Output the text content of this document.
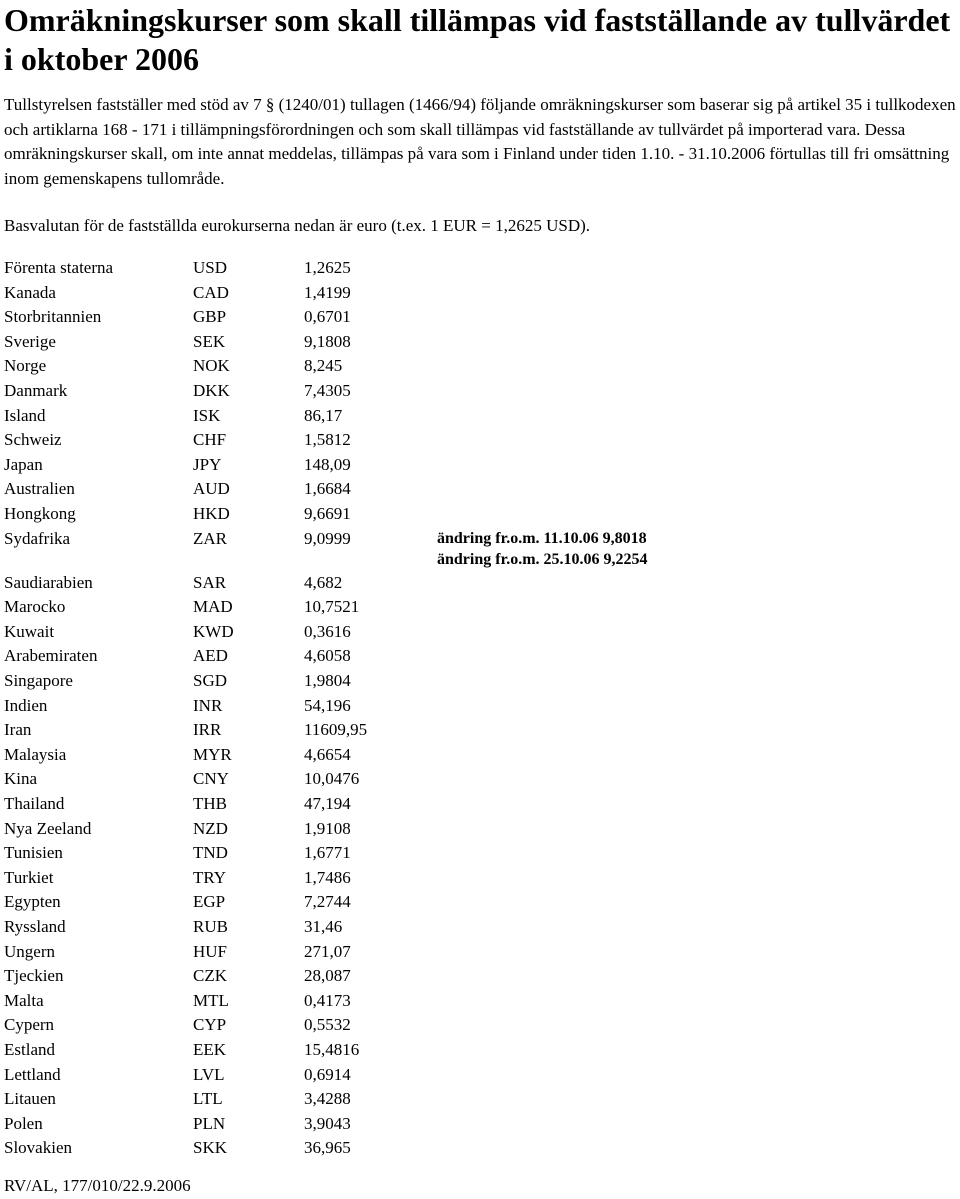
Omräkningskurser som skall tillämpas vid fastställande av tullvärdet i oktober 2006

Tullstyrelsen fastställer med stöd av 7 § (1240/01) tullagen (1466/94) följande omräkningskurser som baserar sig på artikel 35 i tullkodexen och artiklarna 168 - 171 i tillämpningsförordningen och som skall tillämpas vid fastställande av tullvärdet på importerad vara. Dessa omräkningskurser skall, om inte annat meddelas, tillämpas på vara som i Finland under tiden 1.10. - 31.10.2006 förtullas till fri omsättning inom gemenskapens tullområde.

Basvalutan för de fastställda eurokurserna nedan är euro (t.ex. 1 EUR = 1,2625 USD).
Förenta staterna	USD	1,2625
Kanada	CAD	1,4199
Storbritannien	GBP	0,6701
Sverige	SEK	9,1808
Norge	NOK	8,245
Danmark	DKK	7,4305
Island	ISK	86,17
Schweiz	CHF	1,5812
Japan	JPY	148,09
Australien	AUD	1,6684
Hongkong	HKD	9,6691
Sydafrika	ZAR	9,0999	ändring fr.o.m. 11.10.06 9,8018
ändring fr.o.m. 25.10.06 9,2254
Saudiarabien	SAR	4,682
Marocko	MAD	10,7521
Kuwait	KWD	0,3616
Arabemiraten	AED	4,6058
Singapore	SGD	1,9804
Indien	INR	54,196
Iran	IRR	11609,95
Malaysia	MYR	4,6654
Kina	CNY	10,0476
Thailand	THB	47,194
Nya Zeeland	NZD	1,9108
Tunisien	TND	1,6771
Turkiet	TRY	1,7486
Egypten	EGP	7,2744
Ryssland	RUB	31,46
Ungern	HUF	271,07
Tjeckien	CZK	28,087
Malta	MTL	0,4173
Cypern	CYP	0,5532
Estland	EEK	15,4816
Lettland	LVL	0,6914
Litauen	LTL	3,4288
Polen	PLN	3,9043
Slovakien	SKK	36,965
RV/AL, 177/010/22.9.2006
